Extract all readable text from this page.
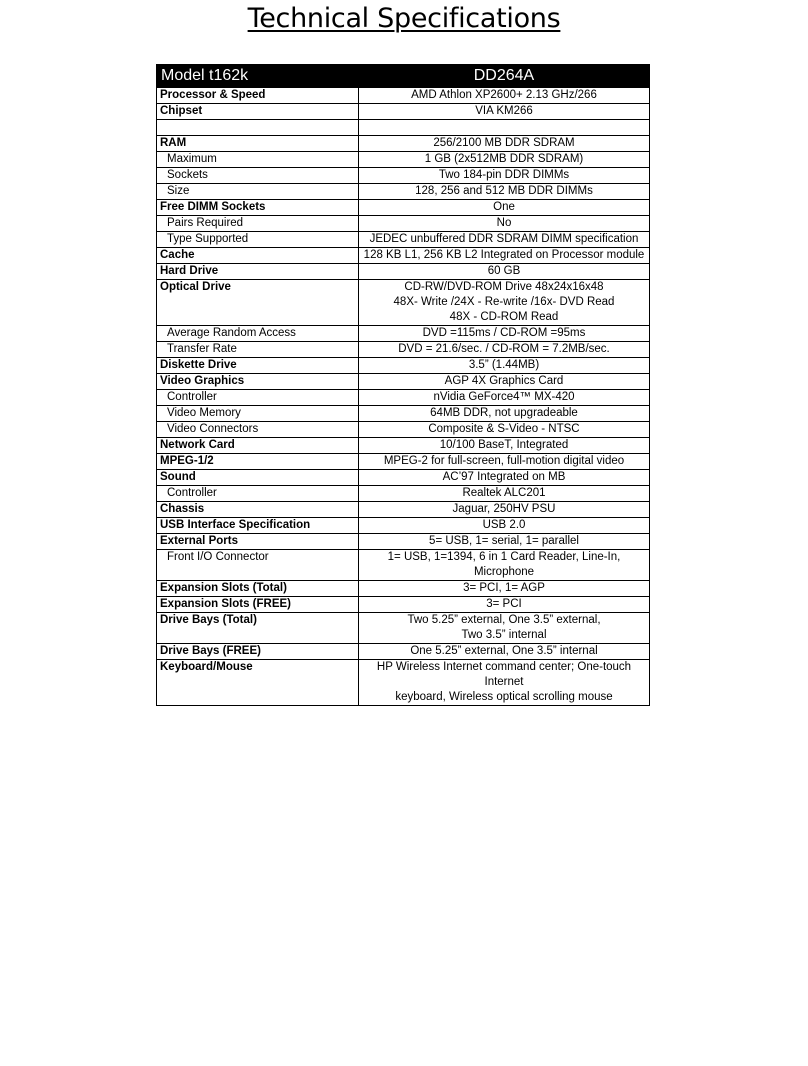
Technical Specifications
Model t162k	DD264A
Processor & Speed	AMD Athlon XP2600+ 2.13 GHz/266
Chipset	VIA KM266

RAM	256/2100 MB DDR SDRAM
Maximum	1 GB (2x512MB DDR SDRAM)
Sockets	Two 184-pin DDR DIMMs
Size	128, 256 and 512 MB DDR DIMMs
Free DIMM Sockets	One
Pairs Required	No
Type Supported	JEDEC unbuffered DDR SDRAM DIMM specification
Cache	128 KB L1, 256 KB L2 Integrated on Processor module
Hard Drive	60 GB
Optical Drive	CD-RW/DVD-ROM Drive 48x24x16x48
48X- Write /24X - Re-write /16x- DVD Read
48X - CD-ROM Read
Average Random Access	DVD =115ms / CD-ROM =95ms
Transfer Rate	DVD = 21.6/sec. / CD-ROM = 7.2MB/sec.
Diskette Drive	3.5” (1.44MB)
Video Graphics	AGP 4X Graphics Card
Controller	nVidia GeForce4™ MX-420
Video Memory	64MB DDR, not upgradeable
Video Connectors	Composite & S-Video - NTSC
Network Card	10/100 BaseT, Integrated
MPEG-1/2	MPEG-2 for full-screen, full-motion digital video
Sound	AC’97 Integrated on MB
Controller	Realtek ALC201
Chassis	Jaguar, 250HV PSU
USB Interface Specification	USB 2.0
External Ports	5= USB, 1= serial, 1= parallel
Front I/O Connector	1= USB, 1=1394, 6 in 1 Card Reader, Line-In,
Microphone
Expansion Slots (Total)	3= PCI, 1= AGP
Expansion Slots (FREE)	3= PCI
Drive Bays (Total)	Two 5.25” external, One 3.5” external,
Two 3.5” internal
Drive Bays (FREE)	One 5.25” external, One 3.5” internal
Keyboard/Mouse	HP Wireless Internet command center; One-touch Internet
keyboard, Wireless optical scrolling mouse
